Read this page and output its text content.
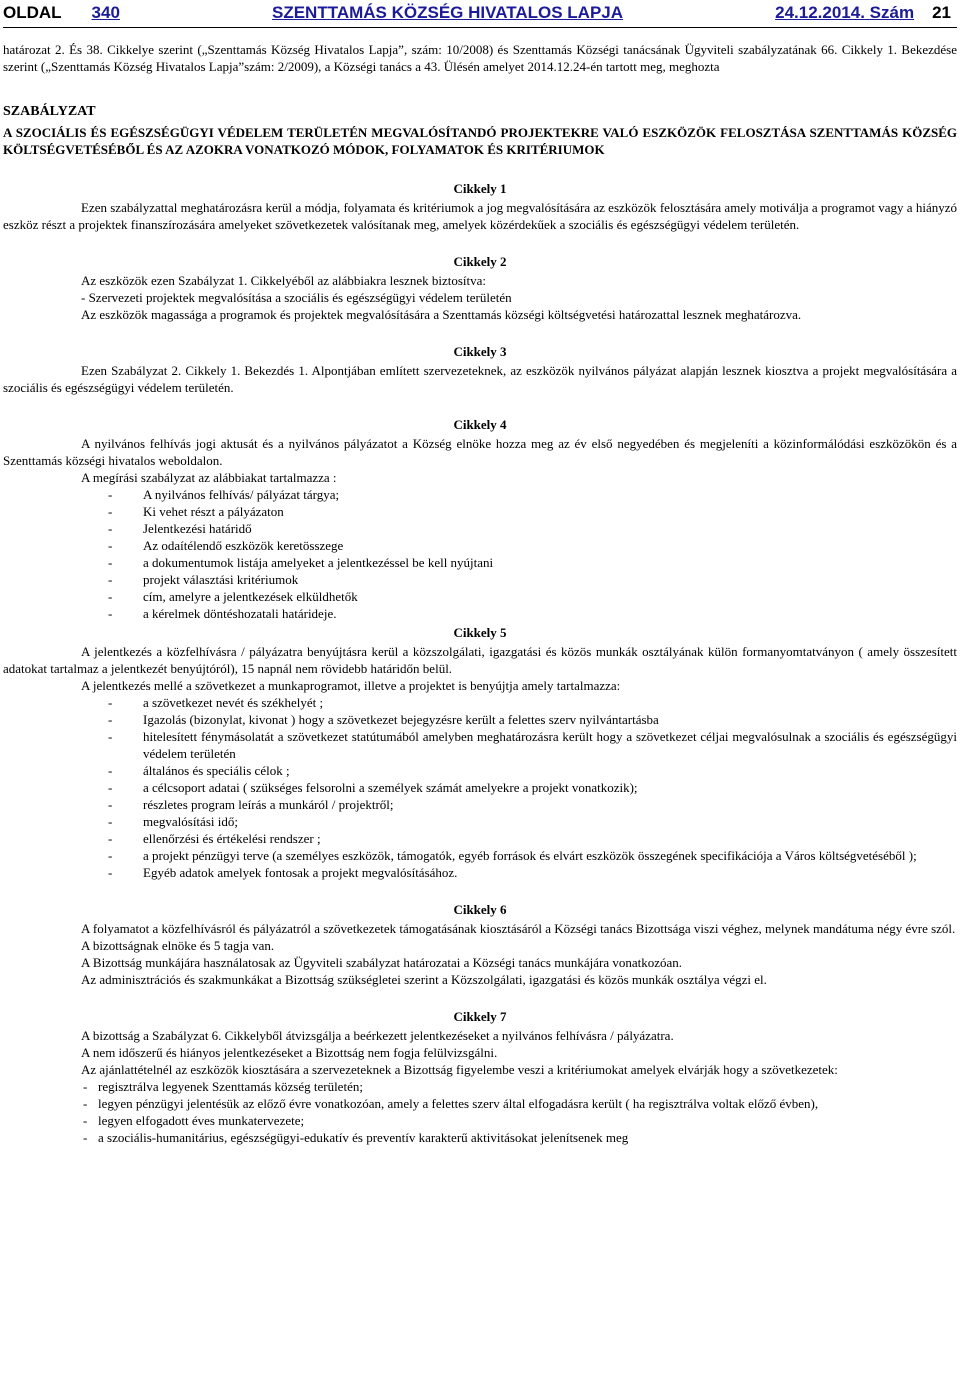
OLDAL 340	SZENTTAMÁS KÖZSÉG HIVATALOS LAPJA	24.12.2014. Szám 21

határozat 2. És 38. Cikkelye szerint („Szenttamás Község Hivatalos Lapja”, szám: 10/2008) és Szenttamás Községi tanácsának Ügyviteli szabályzatának 66. Cikkely 1. Bekezdése szerint („Szenttamás Község Hivatalos Lapja”szám: 2/2009), a Községi tanács a 43. Ülésén amelyet 2014.12.24-én tartott meg, meghozta

SZABÁLYZAT

A SZOCIÁLIS ÉS EGÉSZSÉGÜGYI VÉDELEM TERÜLETÉN MEGVALÓSÍTANDÓ PROJEKTEKRE VALÓ ESZKÖZÖK FELOSZTÁSA SZENTTAMÁS KÖZSÉG KÖLTSÉGVETÉSÉBŐL ÉS AZ AZOKRA VONATKOZÓ MÓDOK, FOLYAMATOK ÉS KRITÉRIUMOK

Cikkely 1

Ezen szabályzattal meghatározásra kerül a módja, folyamata és kritériumok a jog megvalósítására az eszközök felosztására amely motiválja a programot vagy a hiányzó eszköz részt a projektek finanszírozására amelyeket szövetkezetek valósítanak meg, amelyek közérdekűek a szociális és egészségügyi védelem területén.

Cikkely 2

Az eszközök ezen Szabályzat 1. Cikkelyéből az alábbiakra lesznek biztosítva:

- Szervezeti projektek megvalósítása a szociális és egészségügyi védelem területén

Az eszközök magassága a programok és projektek megvalósítására a Szenttamás községi költségvetési határozattal lesznek meghatározva.

Cikkely 3

Ezen Szabályzat 2. Cikkely 1. Bekezdés 1. Alpontjában említett szervezeteknek, az eszközök nyilvános pályázat alapján lesznek kiosztva a projekt megvalósítására a szociális és egészségügyi védelem területén.

Cikkely 4

A nyilvános felhívás jogi aktusát és a nyilvános pályázatot a Község elnöke hozza meg az év első negyedében és megjeleníti a közinformálódási eszközökön és a Szenttamás községi hivatalos weboldalon.

A megírási szabályzat az alábbiakat tartalmazza :

- A nyilvános felhívás/ pályázat tárgya;
- Ki vehet részt a pályázaton
- Jelentkezési határidő
- Az odaítélendő eszközök keretösszege
- a dokumentumok listája amelyeket a jelentkezéssel be kell nyújtani
- projekt választási kritériumok
- cím, amelyre a jelentkezések elküldhetők
- a kérelmek döntéshozatali határideje.

Cikkely 5

A jelentkezés a közfelhívásra / pályázatra benyújtásra kerül a közszolgálati, igazgatási és közös munkák osztályának külön formanyomtatványon ( amely összesített adatokat tartalmaz a jelentkezét benyújtóról), 15 napnál nem rövidebb határidőn belül.

A jelentkezés mellé a szövetkezet a munkaprogramot, illetve a projektet is benyújtja amely tartalmazza:

- a szövetkezet nevét és székhelyét ;
- Igazolás (bizonylat, kivonat ) hogy a szövetkezet bejegyzésre került a felettes szerv nyilvántartásba
- hitelesített fénymásolatát a szövetkezet statútumából amelyben meghatározásra került hogy a szövetkezet céljai megvalósulnak a szociális és egészségügyi védelem területén
- általános és speciális célok ;
- a célcsoport adatai ( szükséges felsorolni a személyek számát amelyekre a projekt vonatkozik);
- részletes program leírás a munkáról / projektről;
- megvalósítási idő;
- ellenőrzési és értékelési rendszer ;
- a projekt pénzügyi terve (a személyes eszközök, támogatók, egyéb források és elvárt eszközök összegének specifikációja a Város költségvetéséből );
- Egyéb adatok amelyek fontosak a projekt megvalósításához.

Cikkely 6

A folyamatot a közfelhívásról és pályázatról a szövetkezetek támogatásának kiosztásáról a Községi tanács Bizottsága viszi véghez, melynek mandátuma négy évre szól.

A bizottságnak elnöke és 5 tagja van.

A Bizottság munkájára használatosak az Ügyviteli szabályzat határozatai a Községi tanács munkájára vonatkozóan.

Az adminisztrációs és szakmunkákat a Bizottság szükségletei szerint a Közszolgálati, igazgatási és közös munkák osztálya végzi el.

Cikkely 7

A bizottság a Szabályzat 6. Cikkelyből átvizsgálja a beérkezett jelentkezéseket a nyilvános felhívásra / pályázatra.

A nem időszerű és hiányos jelentkezéseket a Bizottság nem fogja felülvizsgálni.

Az ajánlattételnél az eszközök kiosztására a szervezeteknek a Bizottság figyelembe veszi a kritériumokat amelyek elvárják hogy a szövetkezetek:

- regisztrálva legyenek Szenttamás község területén;
- legyen pénzügyi jelentésük az előző évre vonatkozóan, amely a felettes szerv által elfogadásra került ( ha regisztrálva voltak előző évben),
- legyen elfogadott éves munkatervezete;
- a szociális-humanitárius, egészségügyi-edukatív és preventív karakterű aktivitásokat jelenítsenek meg
